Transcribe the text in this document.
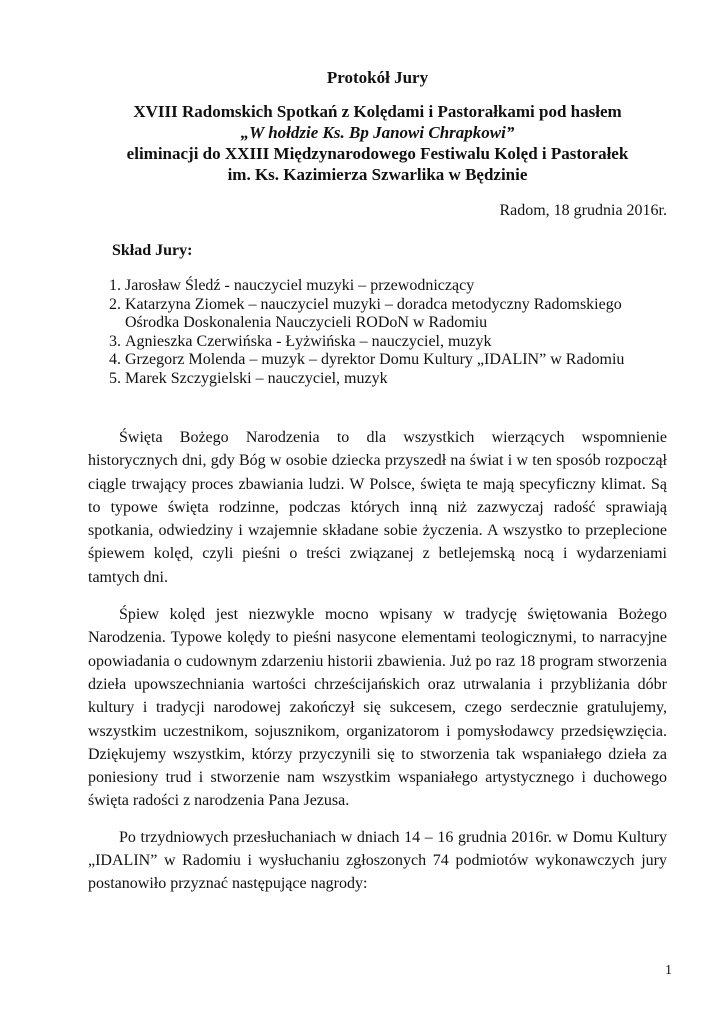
Protokół Jury

XVIII Radomskich Spotkań z Kolędami i Pastorałkami pod hasłem

„W hołdzie Ks. Bp Janowi Chrapkowi”

eliminacji do XXIII Międzynarodowego Festiwalu Kolęd i Pastorałek

im. Ks. Kazimierza Szwarlika w Będzinie

Radom, 18 grudnia 2016r.
Skład Jury:
1. Jarosław Śledź - nauczyciel muzyki – przewodniczący
2. Katarzyna Ziomek – nauczyciel muzyki – doradca metodyczny Radomskiego Ośrodka Doskonalenia Nauczycieli RODoN w Radomiu
3. Agnieszka Czerwińska - Łyżwińska – nauczyciel, muzyk
4. Grzegorz Molenda – muzyk – dyrektor Domu Kultury „IDALIN” w Radomiu
5. Marek Szczygielski – nauczyciel, muzyk

Święta Bożego Narodzenia to dla wszystkich wierzących wspomnienie historycznych dni, gdy Bóg w osobie dziecka przyszedł na świat i w ten sposób rozpoczął ciągle trwający proces zbawiania ludzi. W Polsce, święta te mają specyficzny klimat. Są to typowe święta rodzinne, podczas których inną niż zazwyczaj radość sprawiają spotkania, odwiedziny i wzajemnie składane sobie życzenia. A wszystko to przeplecione śpiewem kolęd, czyli pieśni o treści związanej z betlejemską nocą i wydarzeniami tamtych dni.

Śpiew kolęd jest niezwykle mocno wpisany w tradycję świętowania Bożego Narodzenia. Typowe kolędy to pieśni nasycone elementami teologicznymi, to narracyjne opowiadania o cudownym zdarzeniu historii zbawienia. Już po raz 18 program stworzenia dzieła upowszechniania wartości chrześcijańskich oraz utrwalania i przybliżania dóbr kultury i tradycji narodowej zakończył się sukcesem, czego serdecznie gratulujemy, wszystkim uczestnikom, sojusznikom, organizatorom i pomysłodawcy przedsięwzięcia. Dziękujemy wszystkim, którzy przyczynili się to stworzenia tak wspaniałego dzieła za poniesiony trud i stworzenie nam wszystkim wspaniałego artystycznego i duchowego święta radości z narodzenia Pana Jezusa.

Po trzydniowych przesłuchaniach w dniach 14 – 16 grudnia 2016r. w Domu Kultury „IDALIN” w Radomiu i wysłuchaniu zgłoszonych 74 podmiotów wykonawczych jury postanowiło przyznać następujące nagrody:

1
